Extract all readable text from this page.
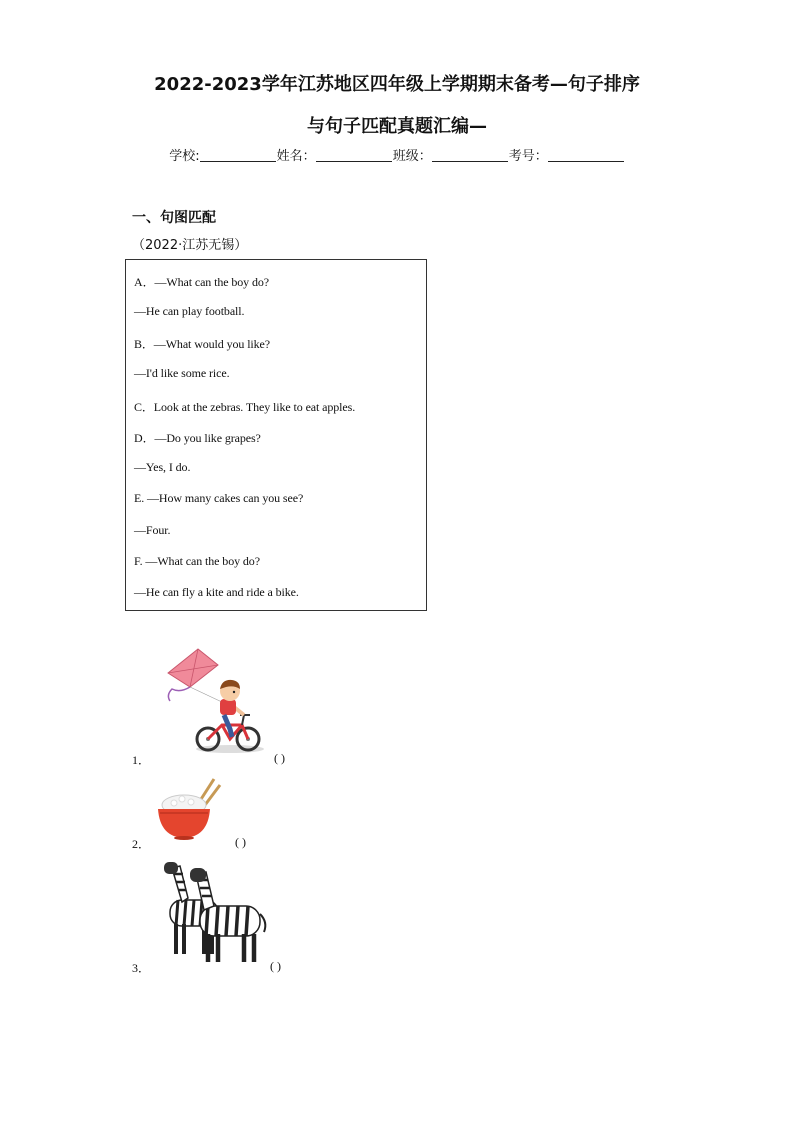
2022-2023学年江苏地区四年级上学期期末备考—句子排序
与句子匹配真题汇编—
学校:	姓名：	班级：	考号：
一、句图匹配
（2022·江苏无锡）
A．—What can the boy do?
—He can play football.
B．—What would you like?
—I'd like some rice.
C．Look at the zebras. They like to eat apples.
D．—Do you like grapes?
—Yes, I do.
E. —How many cakes can you see?
—Four.
F. —What can the boy do?
—He can fly a kite and ride a bike.
1．	( )
2．	( )
3．	( )
